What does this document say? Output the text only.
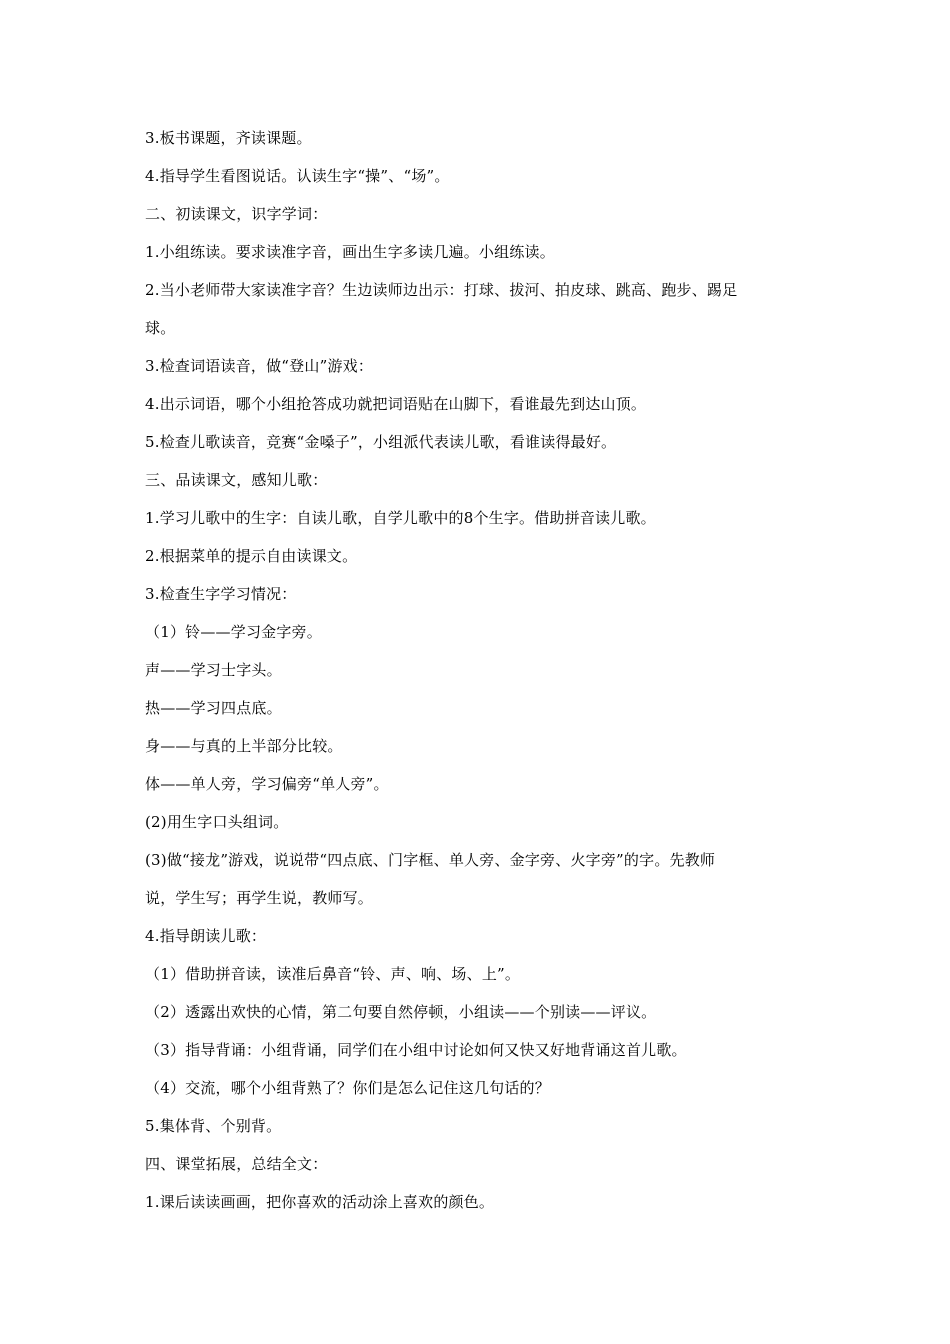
3.板书课题，齐读课题。
4.指导学生看图说话。认读生字“操”、“场”。
二、初读课文，识字学词：
1.小组练读。要求读准字音，画出生字多读几遍。小组练读。
2.当小老师带大家读准字音？生边读师边出示：打球、拔河、拍皮球、跳高、跑步、踢足
球。
3.检查词语读音，做“登山”游戏：
4.出示词语，哪个小组抢答成功就把词语贴在山脚下，看谁最先到达山顶。
5.检查儿歌读音，竞赛“金嗓子”，小组派代表读儿歌，看谁读得最好。
三、品读课文，感知儿歌：
1.学习儿歌中的生字：自读儿歌，自学儿歌中的8个生字。借助拼音读儿歌。
2.根据菜单的提示自由读课文。
3.检查生字学习情况：
（1）铃——学习金字旁。
声——学习士字头。
热——学习四点底。
身——与真的上半部分比较。
体——单人旁，学习偏旁“单人旁”。
(2)用生字口头组词。
(3)做“接龙”游戏，说说带“四点底、门字框、单人旁、金字旁、火字旁”的字。先教师
说，学生写；再学生说，教师写。
4.指导朗读儿歌：
（1）借助拼音读，读准后鼻音“铃、声、响、场、上”。
（2）透露出欢快的心情，第二句要自然停顿，小组读——个别读——评议。
（3）指导背诵：小组背诵，同学们在小组中讨论如何又快又好地背诵这首儿歌。
（4）交流，哪个小组背熟了？你们是怎么记住这几句话的？
5.集体背、个别背。
四、课堂拓展，总结全文：
1.课后读读画画，把你喜欢的活动涂上喜欢的颜色。
